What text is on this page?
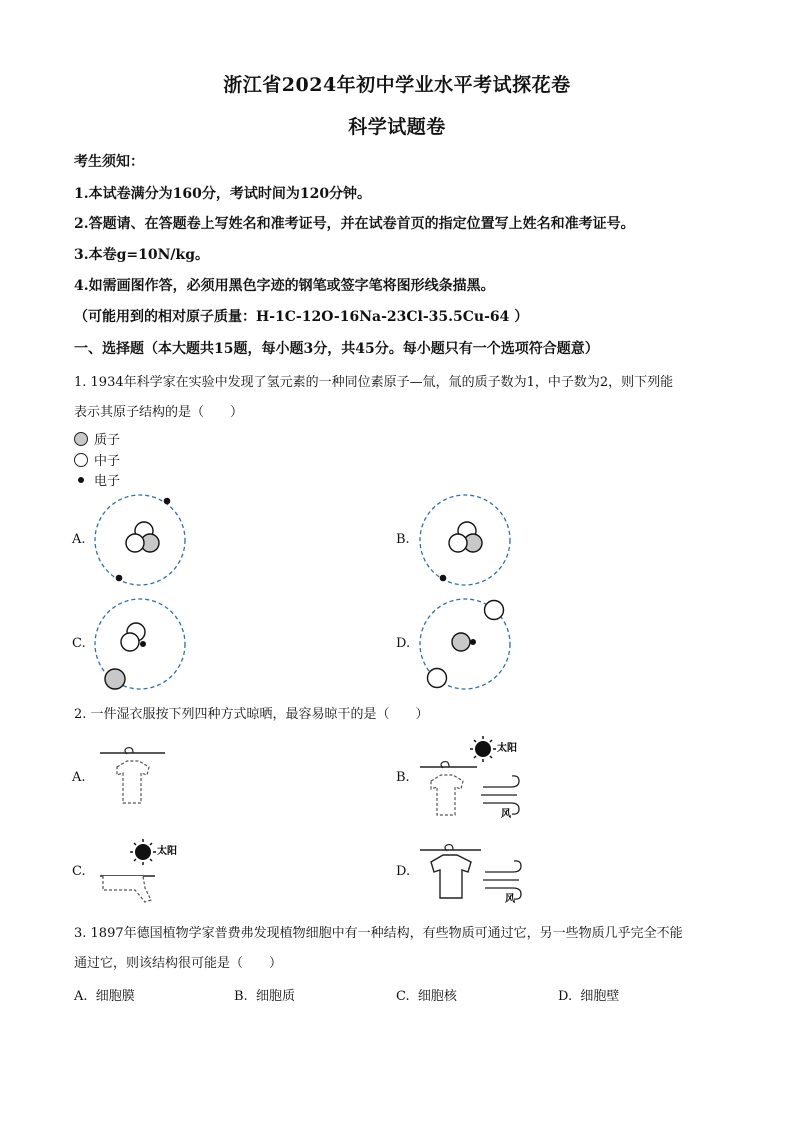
浙江省2024年初中学业水平考试探花卷
科学试题卷
考生须知：
1.本试卷满分为160分，考试时间为120分钟。
2.答题请、在答题卷上写姓名和准考证号，并在试卷首页的指定位置写上姓名和准考证号。
3.本卷g=10N/kg。
4.如需画图作答，必须用黑色字迹的钢笔或签字笔将图形线条描黑。
（可能用到的相对原子质量：H-1C-12O-16Na-23Cl-35.5Cu-64 ）
一、选择题（本大题共15题，每小题3分，共45分。每小题只有一个选项符合题意）
1. 1934年科学家在实验中发现了氢元素的一种同位素原子—氚，氚的质子数为1，中子数为2，则下列能
表示其原子结构的是（　　）
质子
中子
电子
A.	B.
C.	D.
2. 一件湿衣服按下列四种方式晾晒，最容易晾干的是（　　）
A.	B.
C.	D.
太阳
风
太阳
风
3. 1897年德国植物学家普费弗发现植物细胞中有一种结构，有些物质可通过它，另一些物质几乎完全不能
通过它，则该结构很可能是（　　）
A. 细胞膜	B. 细胞质	C. 细胞核	D. 细胞壁
